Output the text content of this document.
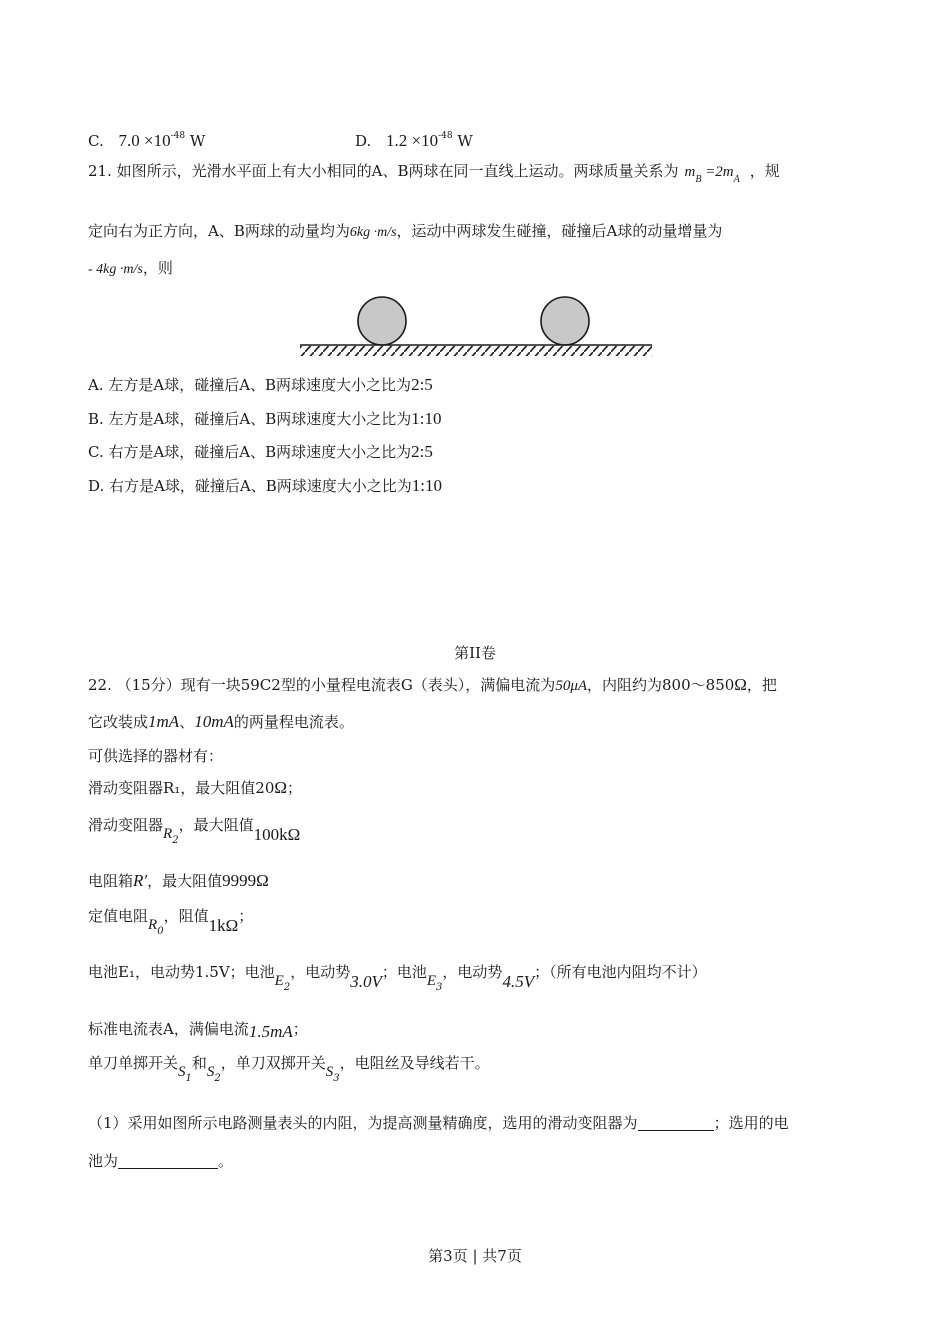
C. $7.0 \times 10^{-48}$ W	D. $1.2 \times 10^{-48}$ W
21. 如图所示，光滑水平面上有大小相同的A、B两球在同一直线上运动。两球质量关系为 $m_B =2m_A$ ，规
定向右为正方向，A、B两球的动量均为6kg ·m/s，运动中两球发生碰撞，碰撞后A球的动量增量为
- 4kg ·m/s，则
A. 左方是A球，碰撞后A、B两球速度大小之比为2:5
B. 左方是A球，碰撞后A、B两球速度大小之比为1:10
C. 右方是A球，碰撞后A、B两球速度大小之比为2:5
D. 右方是A球，碰撞后A、B两球速度大小之比为1:10
第II卷
22. （15分）现有一块59C2型的小量程电流表G（表头），满偏电流为50μA，内阻约为800～850Ω，把
它改装成1mA、10mA的两量程电流表。
可供选择的器材有：
滑动变阻器R₁，最大阻值20Ω；
滑动变阻器$R_2$，最大阻值100kΩ
电阻箱R′，最大阻值9999Ω
定值电阻$R_0$，阻值1kΩ；
电池E₁，电动势1.5V；电池$E_2$，电动势3.0V；电池$E_3$，电动势4.5V；（所有电池内阻均不计）
标准电流表A，满偏电流1.5mA；
单刀单掷开关$S_1$和$S_2$，单刀双掷开关$S_3$，电阻丝及导线若干。
（1）采用如图所示电路测量表头的内阻，为提高测量精确度，选用的滑动变阻器为	；选用的电
池为	。
第3页 | 共7页
